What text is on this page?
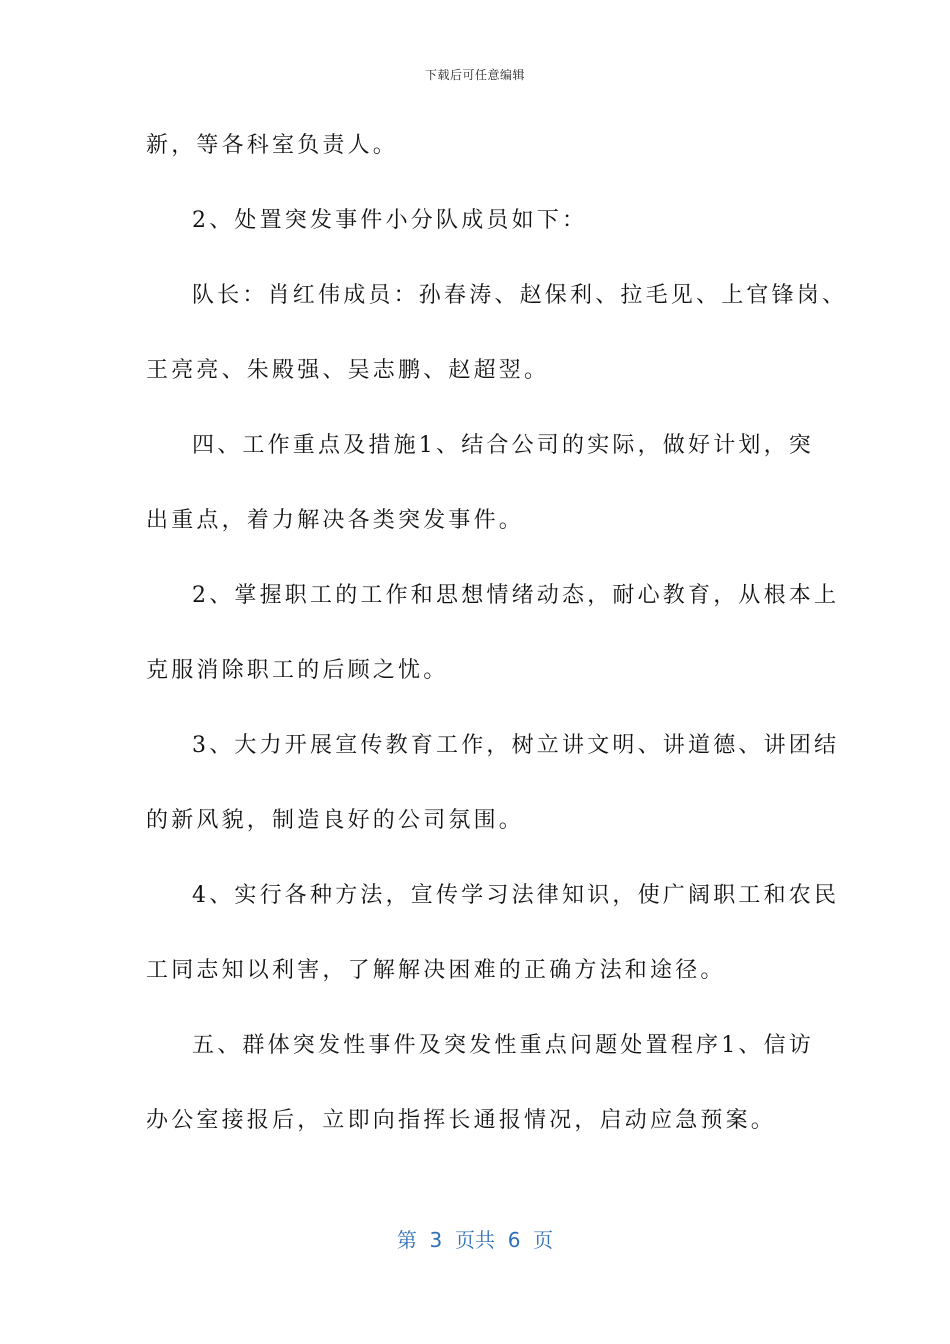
下载后可任意编辑
新，等各科室负责人。
2、处置突发事件小分队成员如下：
队长：肖红伟成员：孙春涛、赵保利、拉毛见、上官锋岗、
王亮亮、朱殿强、吴志鹏、赵超翌。
四、工作重点及措施1、结合公司的实际，做好计划，突
出重点，着力解决各类突发事件。
2、掌握职工的工作和思想情绪动态，耐心教育，从根本上
克服消除职工的后顾之忧。
3、大力开展宣传教育工作，树立讲文明、讲道德、讲团结
的新风貌，制造良好的公司氛围。
4、实行各种方法，宣传学习法律知识，使广阔职工和农民
工同志知以利害，了解解决困难的正确方法和途径。
五、群体突发性事件及突发性重点问题处置程序1、信访
办公室接报后，立即向指挥长通报情况，启动应急预案。
第  3  页共  6  页
